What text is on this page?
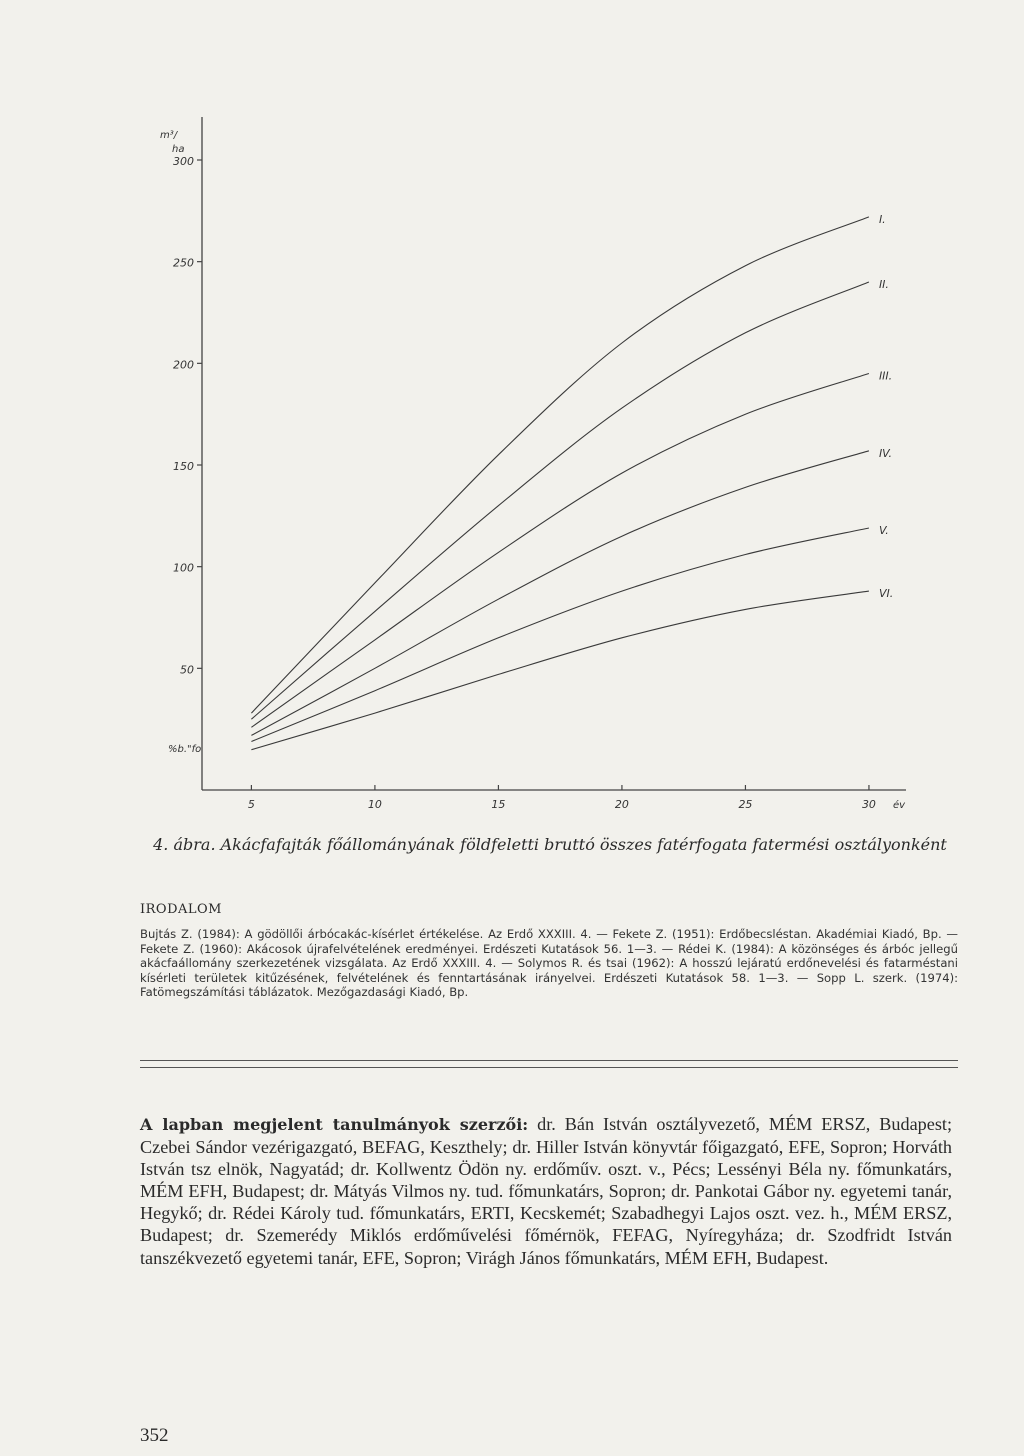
50
100
150
200
250
300
5	10	15	20	25	30
I.
II.
III.
IV.
V.
VI.
m³/
ha
%b."fo
év

4. ábra. Akácfafajták főállományának földfeletti bruttó összes fatérfogata fatermési osztályonként

IRODALOM

Bujtás Z. (1984): A gödöllői árbócakác-kísérlet értékelése. Az Erdő XXXIII. 4. — Fekete Z. (1951): Erdőbecsléstan. Akadémiai Kiadó, Bp. — Fekete Z. (1960): Akácosok újrafelvételének eredményei. Erdészeti Kutatások 56. 1—3. — Rédei K. (1984): A közönséges és árbóc jellegű akácfaállomány szerkezetének vizsgálata. Az Erdő XXXIII. 4. — Solymos R. és tsai (1962): A hosszú lejáratú erdőnevelési és fatarméstani kísérleti területek kitűzésének, felvételének és fenntartásának irányelvei. Erdészeti Kutatások 58. 1—3. — Sopp L. szerk. (1974): Fatömegszámítási táblázatok. Mezőgazdasági Kiadó, Bp.

A lapban megjelent tanulmányok szerzői: dr. Bán István osztályvezető, MÉM ERSZ, Budapest; Czebei Sándor vezérigazgató, BEFAG, Keszthely; dr. Hiller István könyvtár főigazgató, EFE, Sopron; Horváth István tsz elnök, Nagyatád; dr. Kollwentz Ödön ny. erdőműv. oszt. v., Pécs; Lessényi Béla ny. főmunkatárs, MÉM EFH, Budapest; dr. Mátyás Vilmos ny. tud. főmunkatárs, Sopron; dr. Pankotai Gábor ny. egyetemi tanár, Hegykő; dr. Rédei Károly tud. főmunkatárs, ERTI, Kecskemét; Szabadhegyi Lajos oszt. vez. h., MÉM ERSZ, Budapest; dr. Szemerédy Miklós erdőművelési főmérnök, FEFAG, Nyíregyháza; dr. Szodfridt István tanszékvezető egyetemi tanár, EFE, Sopron; Virágh János főmunkatárs, MÉM EFH, Budapest.

352
